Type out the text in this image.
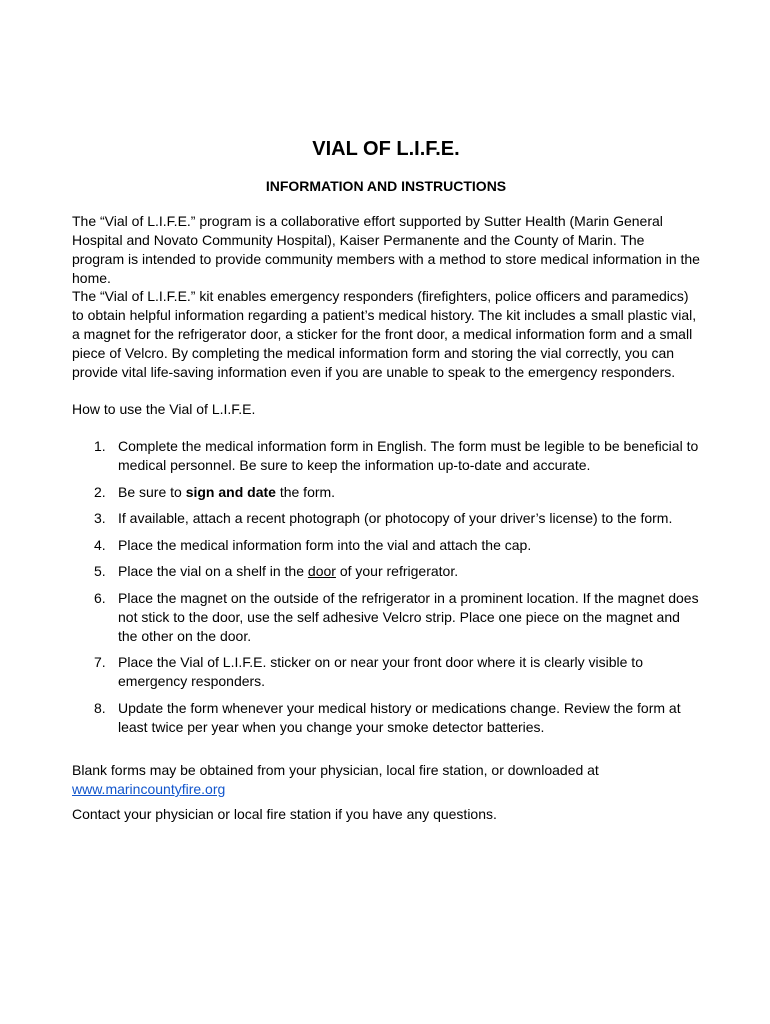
VIAL OF L.I.F.E.
INFORMATION AND INSTRUCTIONS
The “Vial of L.I.F.E.” program is a collaborative effort supported by Sutter Health (Marin General Hospital and Novato Community Hospital), Kaiser Permanente and the County of Marin. The program is intended to provide community members with a method to store medical information in the home.
The “Vial of L.I.F.E.” kit enables emergency responders (firefighters, police officers and paramedics) to obtain helpful information regarding a patient’s medical history. The kit includes a small plastic vial, a magnet for the refrigerator door, a sticker for the front door, a medical information form and a small piece of Velcro. By completing the medical information form and storing the vial correctly, you can provide vital life-saving information even if you are unable to speak to the emergency responders.
How to use the Vial of L.I.F.E.
1. Complete the medical information form in English. The form must be legible to be beneficial to medical personnel. Be sure to keep the information up-to-date and accurate.
2. Be sure to sign and date the form.
3. If available, attach a recent photograph (or photocopy of your driver’s license) to the form.
4. Place the medical information form into the vial and attach the cap.
5. Place the vial on a shelf in the door of your refrigerator.
6. Place the magnet on the outside of the refrigerator in a prominent location. If the magnet does not stick to the door, use the self adhesive Velcro strip. Place one piece on the magnet and the other on the door.
7. Place the Vial of L.I.F.E. sticker on or near your front door where it is clearly visible to emergency responders.
8. Update the form whenever your medical history or medications change. Review the form at least twice per year when you change your smoke detector batteries.
Blank forms may be obtained from your physician, local fire station, or downloaded at
www.marincountyfire.org
Contact your physician or local fire station if you have any questions.
